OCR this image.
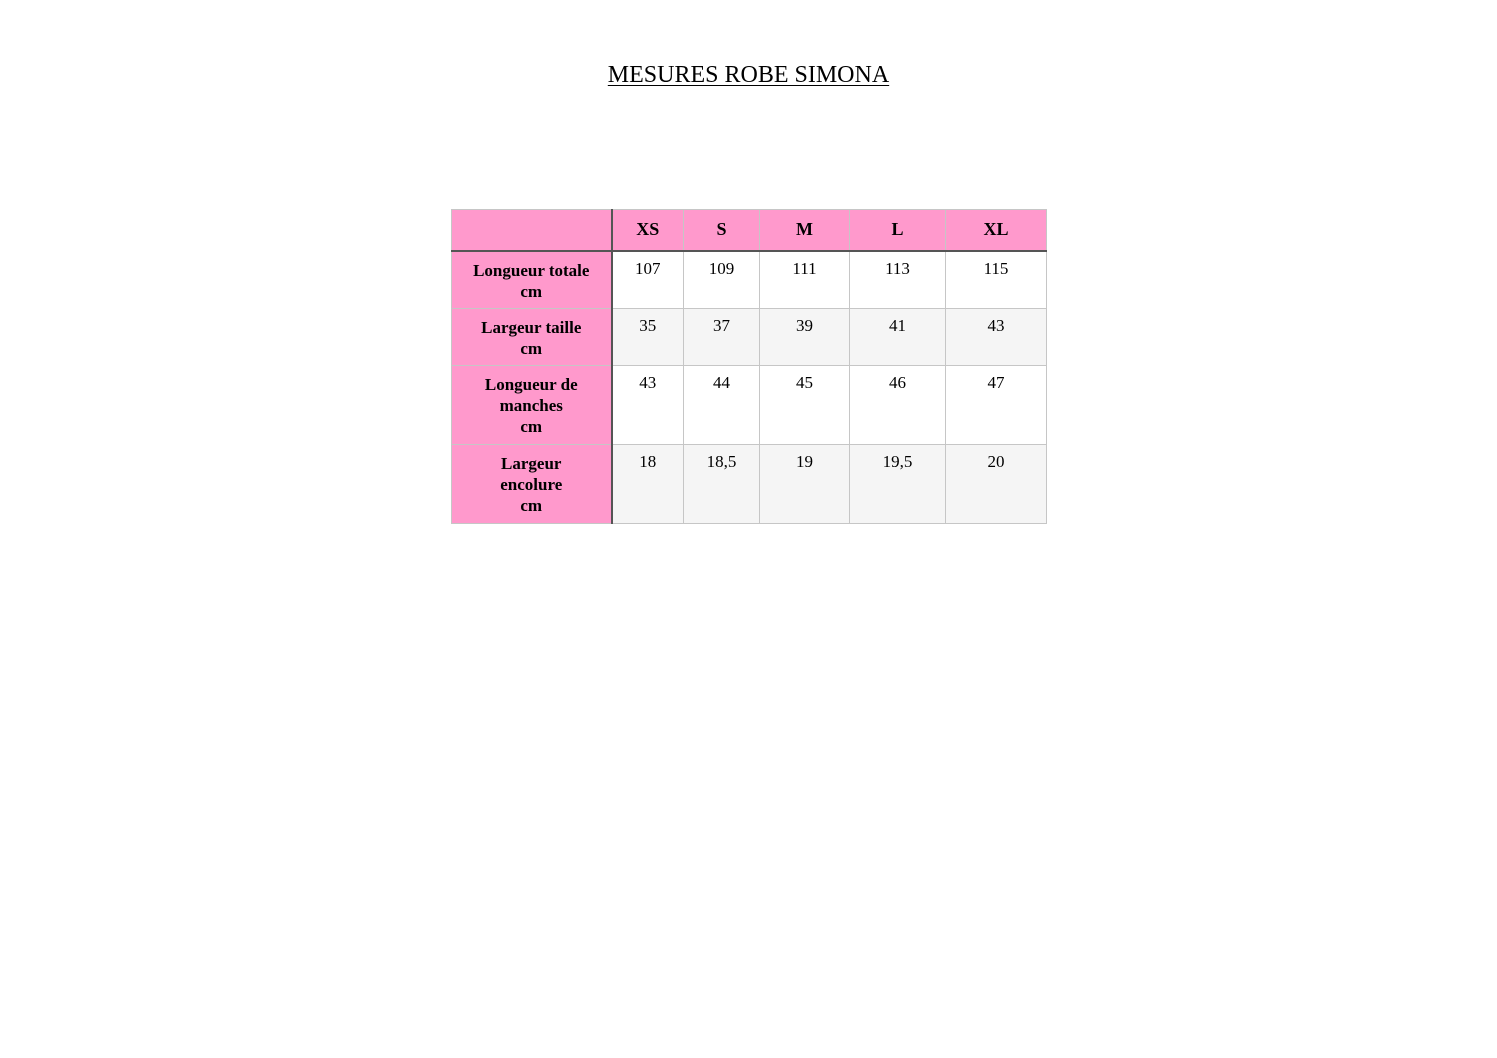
MESURES ROBE SIMONA
	XS	S	M	L	XL

Longueur totale
cm	107	109	111	113	115

Largeur taille
cm	35	37	39	41	43

Longueur de
manches
cm	43	44	45	46	47

Largeur
encolure
cm	18	18,5	19	19,5	20
